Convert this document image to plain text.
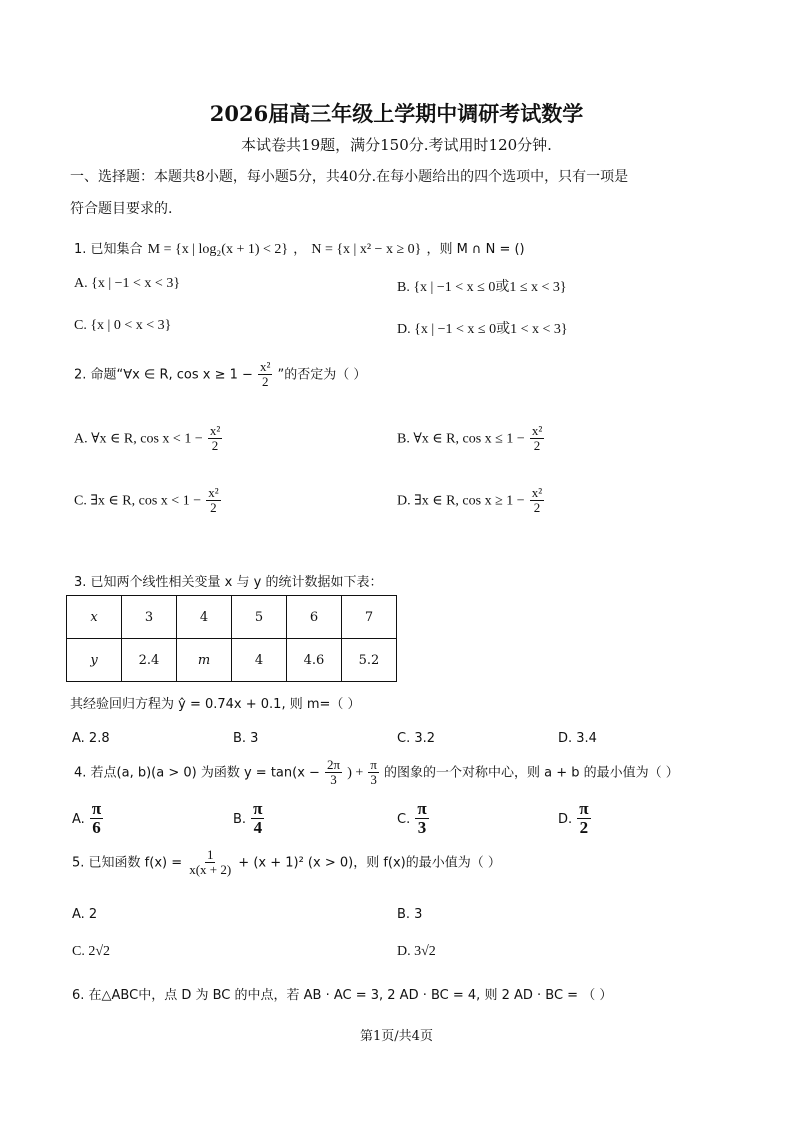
2026届高三年级上学期中调研考试数学
本试卷共19题，满分150分.考试用时120分钟.
一、选择题：本题共8小题，每小题5分，共40分.在每小题给出的四个选项中，只有一项是
符合题目要求的.
1. 已知集合 M = {x | log₂(x + 1) < 2} ， N = {x | x² − x ≥ 0} ，则 M ∩ N = ()
A. {x | −1 < x < 3}	B. {x | −1 < x ≤ 0或1 ≤ x < 3}
C. {x | 0 < x < 3}	D. {x | −1 < x ≤ 0或1 < x < 3}
2. 命题“∀x ∈ R, $\cos x \ge 1 - \frac{\text{x²}}{2}$ ”的否定为（ ）
A. ∀x ∈ R, $\cos x < 1 - \frac{\text{x²}}{2}$	B. ∀x ∈ R, $\cos x \le 1 - \frac{\text{x²}}{2}$
C. ∃x ∈ R, $\cos x < 1 - \frac{\text{x²}}{2}$	D. ∃x ∈ R, $\cos x \ge 1 - \frac{\text{x²}}{2}$
3. 已知两个线性相关变量 x 与 y 的统计数据如下表：
x	3	4	5	6	7
y	2.4	m	4	4.6	5.2
其经验回归方程为 ŷ = 0.74x + 0.1, 则 m=（ ）
A. 2.8	B. 3	C. 3.2	D. 3.4
4. 若点(a, b)(a > 0) 为函数 $y = \tan(x - \frac{2\pi}{3}$ ) + $\frac{\pi}{3}$ 的图象的一个对称中心，则 a + b 的最小值为（ ）
A. $\frac{\pi}{6}$	B. $\frac{\pi}{4}$	C. $\frac{\pi}{3}$	D. $\frac{\pi}{2}$
5. 已知函数 $f(x) = \frac{1}{x(x + 2)} + (x + 1)^2$ (x > 0)，则 f(x)的最小值为（ ）
A. 2	B. 3
C. 2√2	D. 3√2
6. 在△ABC中，点 D 为 BC 的中点，若 AB · AC = 3, 2 AD · BC = 4, 则 2 AD · BC = （ ）
第1页/共4页
